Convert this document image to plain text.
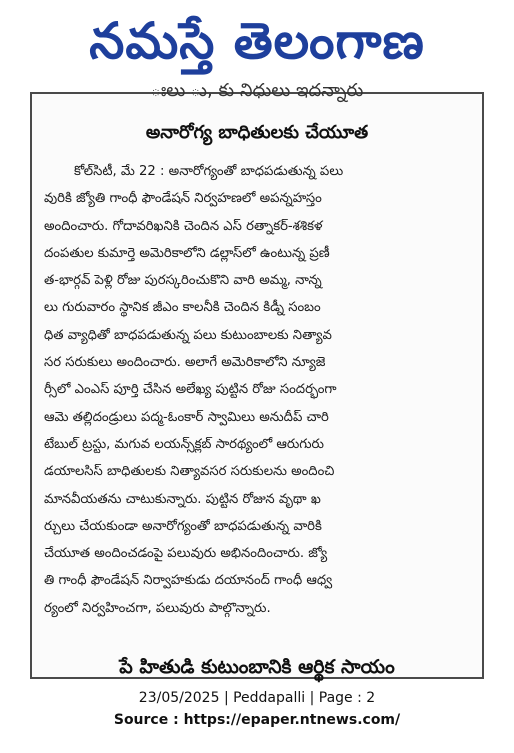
నమస్తే తెలంగాణ
ఃలు ు, కు నిధులు ఇదన్నారు
అనారోగ్య బాధితులకు చేయూత
కోల్‌సిటీ, మే 22 : అనారోగ్యంతో బాధపడుతున్న పలు
వురికి జ్యోతి గాంధీ ఫౌండేషన్ నిర్వహణలో అపన్నహస్తం
అందించారు. గోదావరిఖనికి చెందిన ఎస్ రత్నాకర్-శశికళ
దంపతుల కుమార్తె అమెరికాలోని డల్లాస్‌లో ఉంటున్న ప్రణీ
త-భార్గవ్ పెళ్లి రోజు పురస్కరించుకొని వారి అమ్మ, నాన్న
లు గురువారం స్థానిక జీఎం కాలనీకి చెందిన కిడ్నీ సంబం
ధిత వ్యాధితో బాధపడుతున్న పలు కుటుంబాలకు నిత్యావ
సర సరుకులు అందించారు. అలాగే అమెరికాలోని న్యూజె
ర్సీలో ఎంఎస్ పూర్తి చేసిన అలేఖ్య పుట్టిన రోజు సందర్భంగా
ఆమె తల్లిదండ్రులు పద్మ-ఓంకార్ స్వామిలు అనుదీప్ చారి
టేబుల్ ట్రస్టు, మగువ లయన్స్‌క్లబ్ సారథ్యంలో ఆరుగురు
డయాలసిస్ బాధితులకు నిత్యావసర సరుకులను అందించి
మానవీయతను చాటుకున్నారు. పుట్టిన రోజున వృథా ఖ
ర్చులు చేయకుండా అనారోగ్యంతో బాధపడుతున్న వారికి
చేయూత అందించడంపై పలువురు అభినందించారు. జ్యో
తి గాంధీ ఫౌండేషన్ నిర్వాహకుడు దయానంద్ గాంధీ ఆధ్వ
ర్యంలో నిర్వహించగా, పలువురు పాల్గొన్నారు.
పే హితుడి కుటుంబానికి ఆర్థిక సాయం
23/05/2025 | Peddapalli | Page : 2
Source : https://epaper.ntnews.com/
